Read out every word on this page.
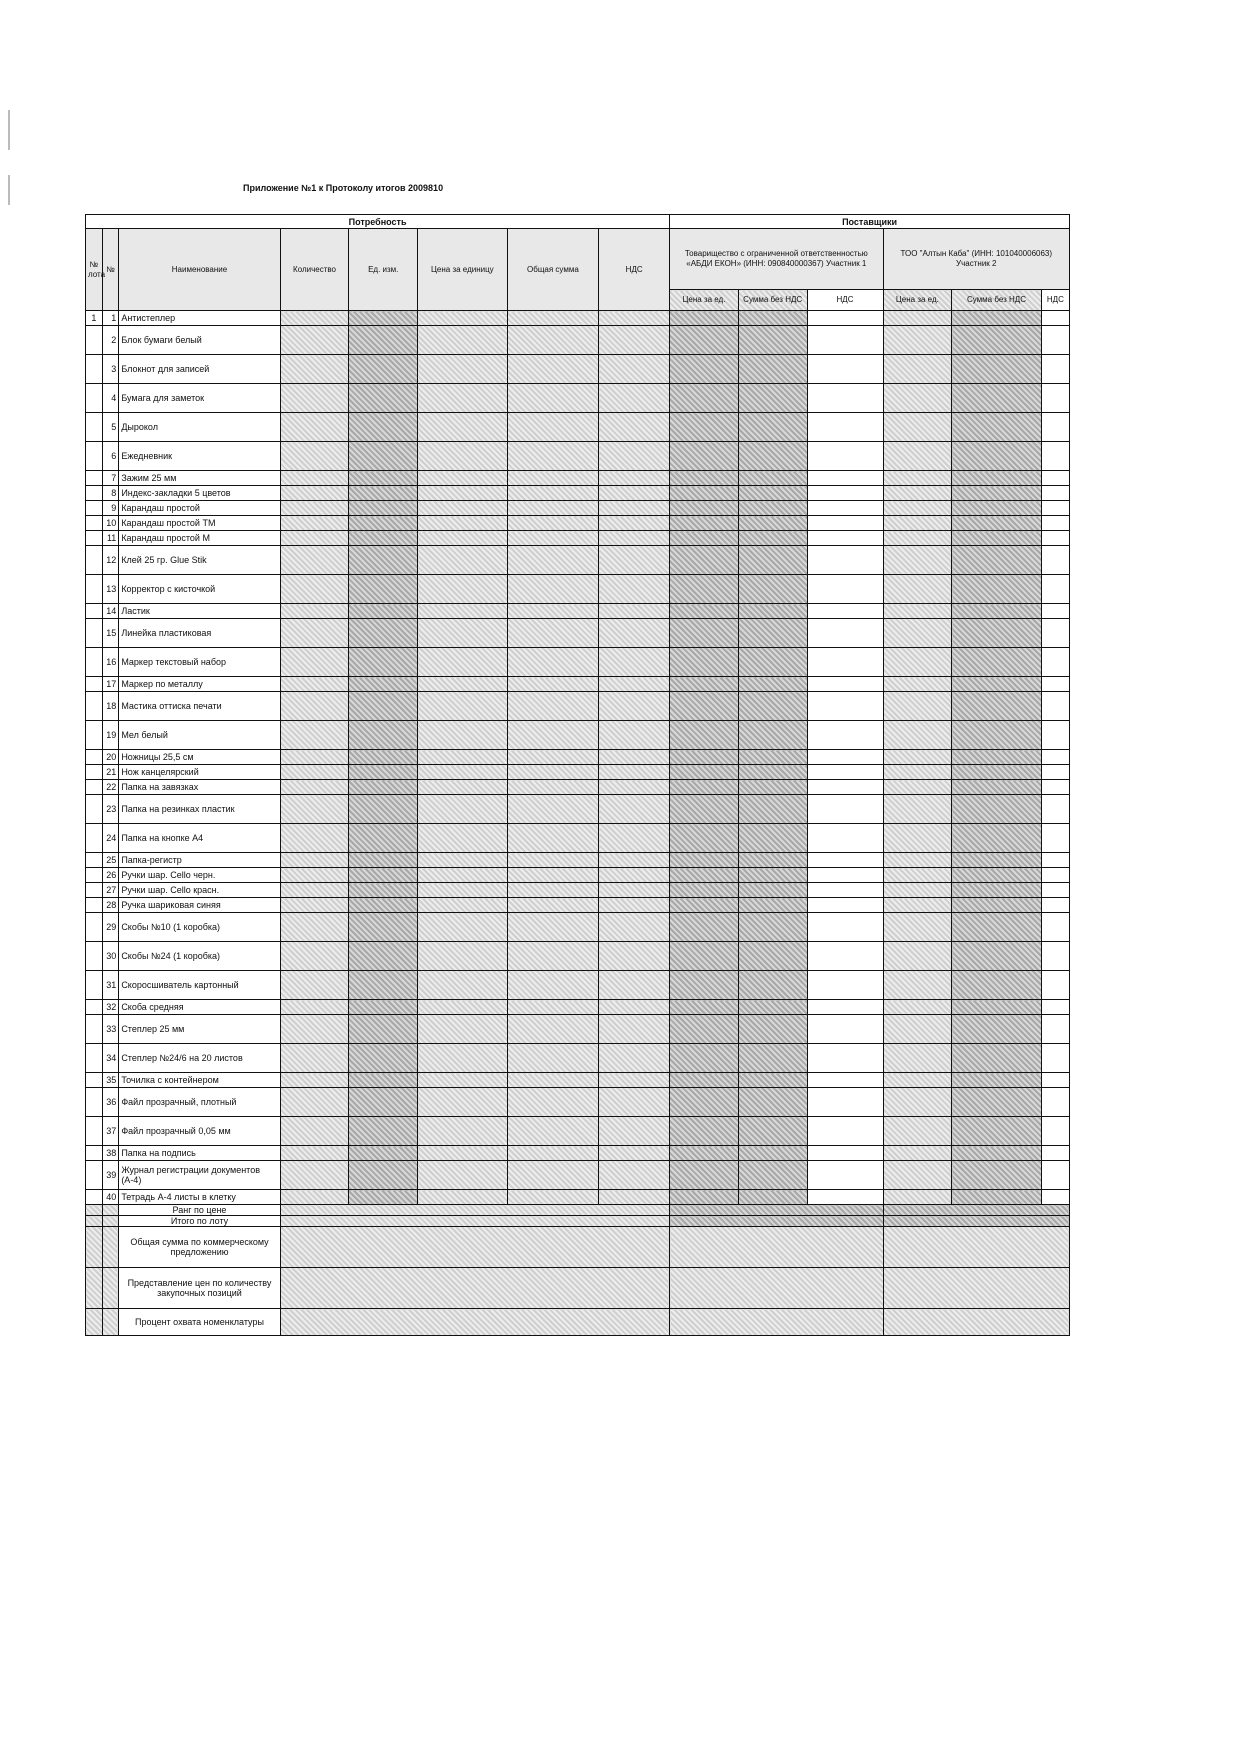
Приложение №1 к Протоколу итогов 2009810
Потребность								Поставщики					
№ лота	№	Наименование	Количество	Ед. изм.	Цена за единицу	Общая сумма	НДС	Товарищество с ограниченной ответственностью «АБДИ ЕКОН» (ИНН: 090840000367) Участник 1			ТОО "Алтын Каба" (ИНН: 101040006063) Участник 2		
								Цена за ед.	Сумма без НДС	НДС	Цена за ед.	Сумма без НДС	НДС
1	1	Антистеплер											
	2	Блок бумаги белый											
	3	Блокнот для записей											
	4	Бумага для заметок											
	5	Дырокол											
	6	Ежедневник											
	7	Зажим 25 мм											
	8	Индекс-закладки 5 цветов											
	9	Карандаш простой											
	10	Карандаш простой ТМ											
	11	Карандаш простой М											
	12	Клей 25 гр. Glue Stik											
	13	Корректор с кисточкой											
	14	Ластик											
	15	Линейка пластиковая											
	16	Маркер текстовый набор											
	17	Маркер по металлу											
	18	Мастика оттиска печати											
	19	Мел белый											
	20	Ножницы 25,5 см											
	21	Нож канцелярский											
	22	Папка на завязках											
	23	Папка на резинках пластик											
	24	Папка на кнопке А4											
	25	Папка-регистр											
	26	Ручки шар. Cello черн.											
	27	Ручки шар. Cello красн.											
	28	Ручка шариковая синяя											
	29	Скобы №10 (1 коробка)											
	30	Скобы №24 (1 коробка)											
	31	Скоросшиватель картонный											
	32	Скоба средняя											
	33	Степлер 25 мм											
	34	Степлер №24/6 на 20 листов											
	35	Точилка с контейнером											
	36	Файл прозрачный, плотный											
	37	Файл прозрачный 0,05 мм											
	38	Папка на подпись											
	39	Журнал регистрации документов (А-4)											
	40	Тетрадь А-4 листы в клетку											
		Ранг по цене											
		Итого по лоту											
		Общая сумма по коммерческому предложению											
		Представление цен по количеству закупочных позиций											
		Процент охвата номенклатуры											
